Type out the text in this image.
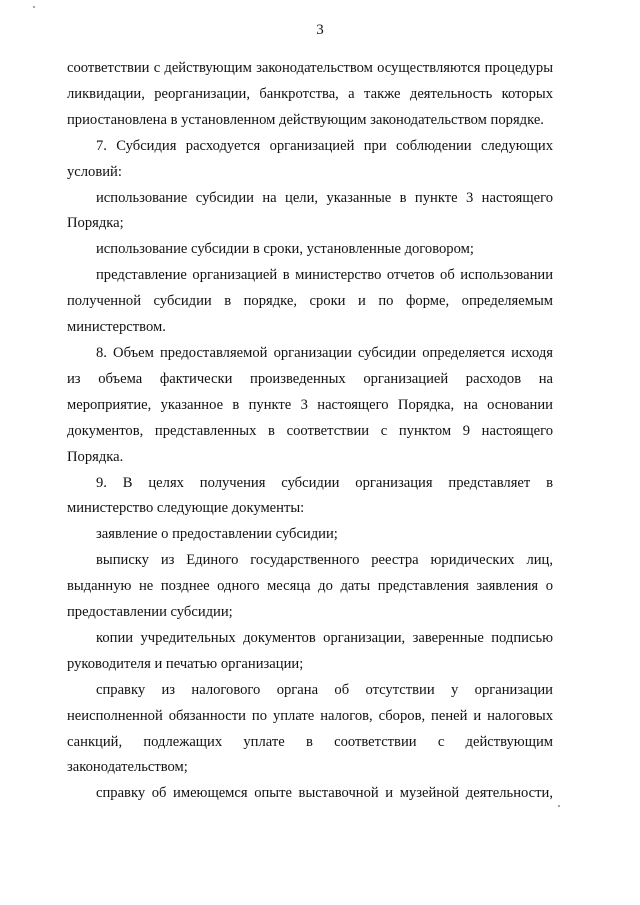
3

соответствии с действующим законодательством осуществляются процедуры ликвидации, реорганизации, банкротства, а также деятельность которых приостановлена в установленном действующим законодательством порядке.

7. Субсидия расходуется организацией при соблюдении следующих условий:

использование субсидии на цели, указанные в пункте 3 настоящего Порядка;

использование субсидии в сроки, установленные договором;

представление организацией в министерство отчетов об использовании полученной субсидии в порядке, сроки и по форме, определяемым министерством.

8. Объем предоставляемой организации субсидии определяется исходя из объема фактически произведенных организацией расходов на мероприятие, указанное в пункте 3 настоящего Порядка, на основании документов, представленных в соответствии с пунктом 9 настоящего Порядка.

9. В целях получения субсидии организация представляет в министерство следующие документы:

заявление о предоставлении субсидии;

выписку из Единого государственного реестра юридических лиц, выданную не позднее одного месяца до даты представления заявления о предоставлении субсидии;

копии учредительных документов организации, заверенные подписью руководителя и печатью организации;

справку из налогового органа об отсутствии у организации неисполненной обязанности по уплате налогов, сборов, пеней и налоговых санкций, подлежащих уплате в соответствии с действующим законодательством;

справку об имеющемся опыте выставочной и музейной деятельности,
